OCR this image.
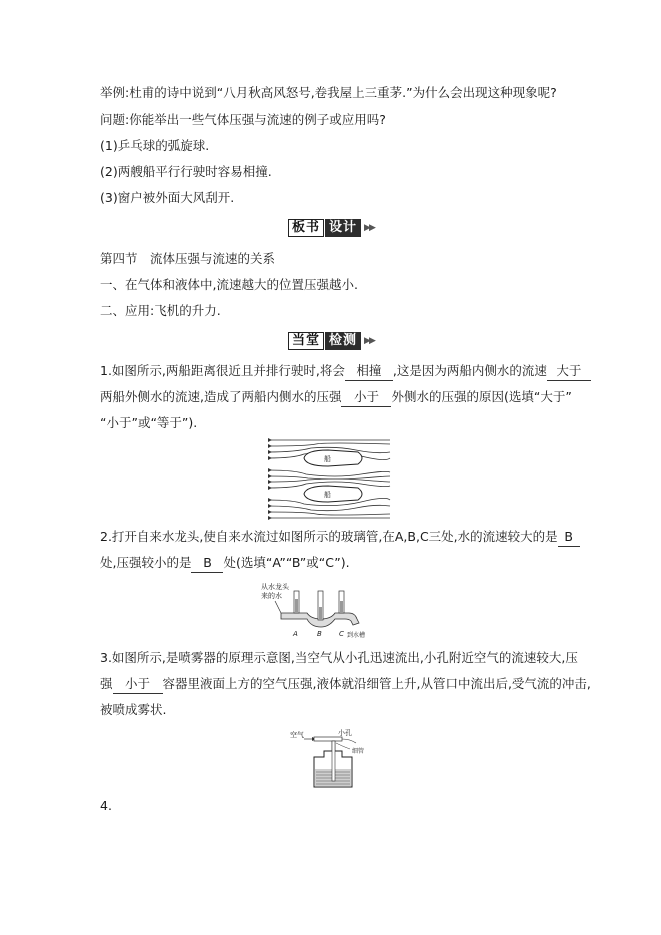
举例:杜甫的诗中说到“八月秋高风怒号,卷我屋上三重茅.”为什么会出现这种现象呢?
问题:你能举出一些气体压强与流速的例子或应用吗?
(1)乒乓球的弧旋球.
(2)两艘船平行行驶时容易相撞.
(3)窗户被外面大风刮开.
板书 设计 ▶▶
第四节　流体压强与流速的关系
一、在气体和液体中,流速越大的位置压强越小.
二、应用:飞机的升力.
当堂 检测 ▶▶
1.如图所示,两船距离很近且并排行驶时,将会 相撞 ,这是因为两船内侧水的流速 大于
两船外侧水的流速,造成了两船内侧水的压强 小于 外侧水的压强的原因(选填“大于”
“小于”或“等于”).
船
船
2.打开自来水龙头,使自来水流过如图所示的玻璃管,在A,B,C三处,水的流速较大的是 B
处,压强较小的是 B 处(选填“A”“B”或“C”).
从水龙头
来的水
A	B C 到水槽
3.如图所示,是喷雾器的原理示意图,当空气从小孔迅速流出,小孔附近空气的流速较大,压
强 小于 容器里液面上方的空气压强,液体就沿细管上升,从管口中流出后,受气流的冲击,
被喷成雾状.
空气	小孔
细管
4.
